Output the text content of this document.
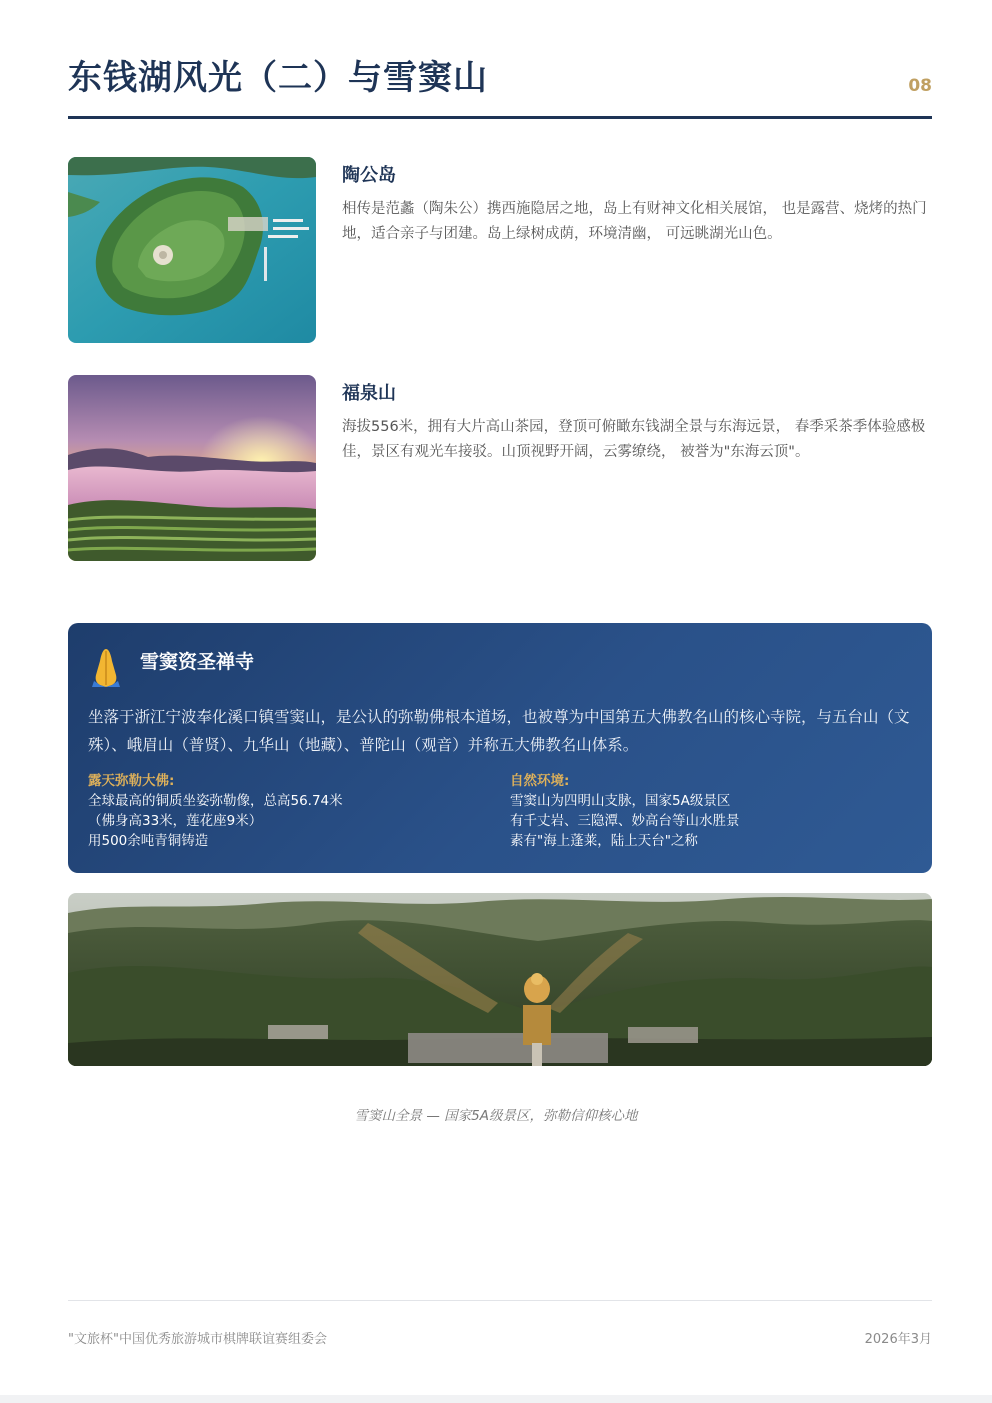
东钱湖风光（二）与雪窦山	08
陶公岛
相传是范蠡（陶朱公）携西施隐居之地，岛上有财神文化相关展馆， 也是露营、烧烤的热门地，适合亲子与团建。岛上绿树成荫，环境清幽， 可远眺湖光山色。
福泉山
海拔556米，拥有大片高山茶园，登顶可俯瞰东钱湖全景与东海远景， 春季采茶季体验感极佳，景区有观光车接驳。山顶视野开阔，云雾缭绕， 被誉为"东海云顶"。
雪窦资圣禅寺
坐落于浙江宁波奉化溪口镇雪窦山，是公认的弥勒佛根本道场，也被尊为中国第五大佛教名山的核心寺院，与五台山（文殊）、峨眉山（普贤）、九华山（地藏）、普陀山（观音）并称五大佛教名山体系。
露天弥勒大佛:
全球最高的铜质坐姿弥勒像，总高56.74米
（佛身高33米，莲花座9米）
用500余吨青铜铸造
自然环境:
雪窦山为四明山支脉，国家5A级景区
有千丈岩、三隐潭、妙高台等山水胜景
素有"海上蓬莱，陆上天台"之称
雪窦山全景 — 国家5A级景区，弥勒信仰核心地
"文旅杯"中国优秀旅游城市棋牌联谊赛组委会	2026年3月
